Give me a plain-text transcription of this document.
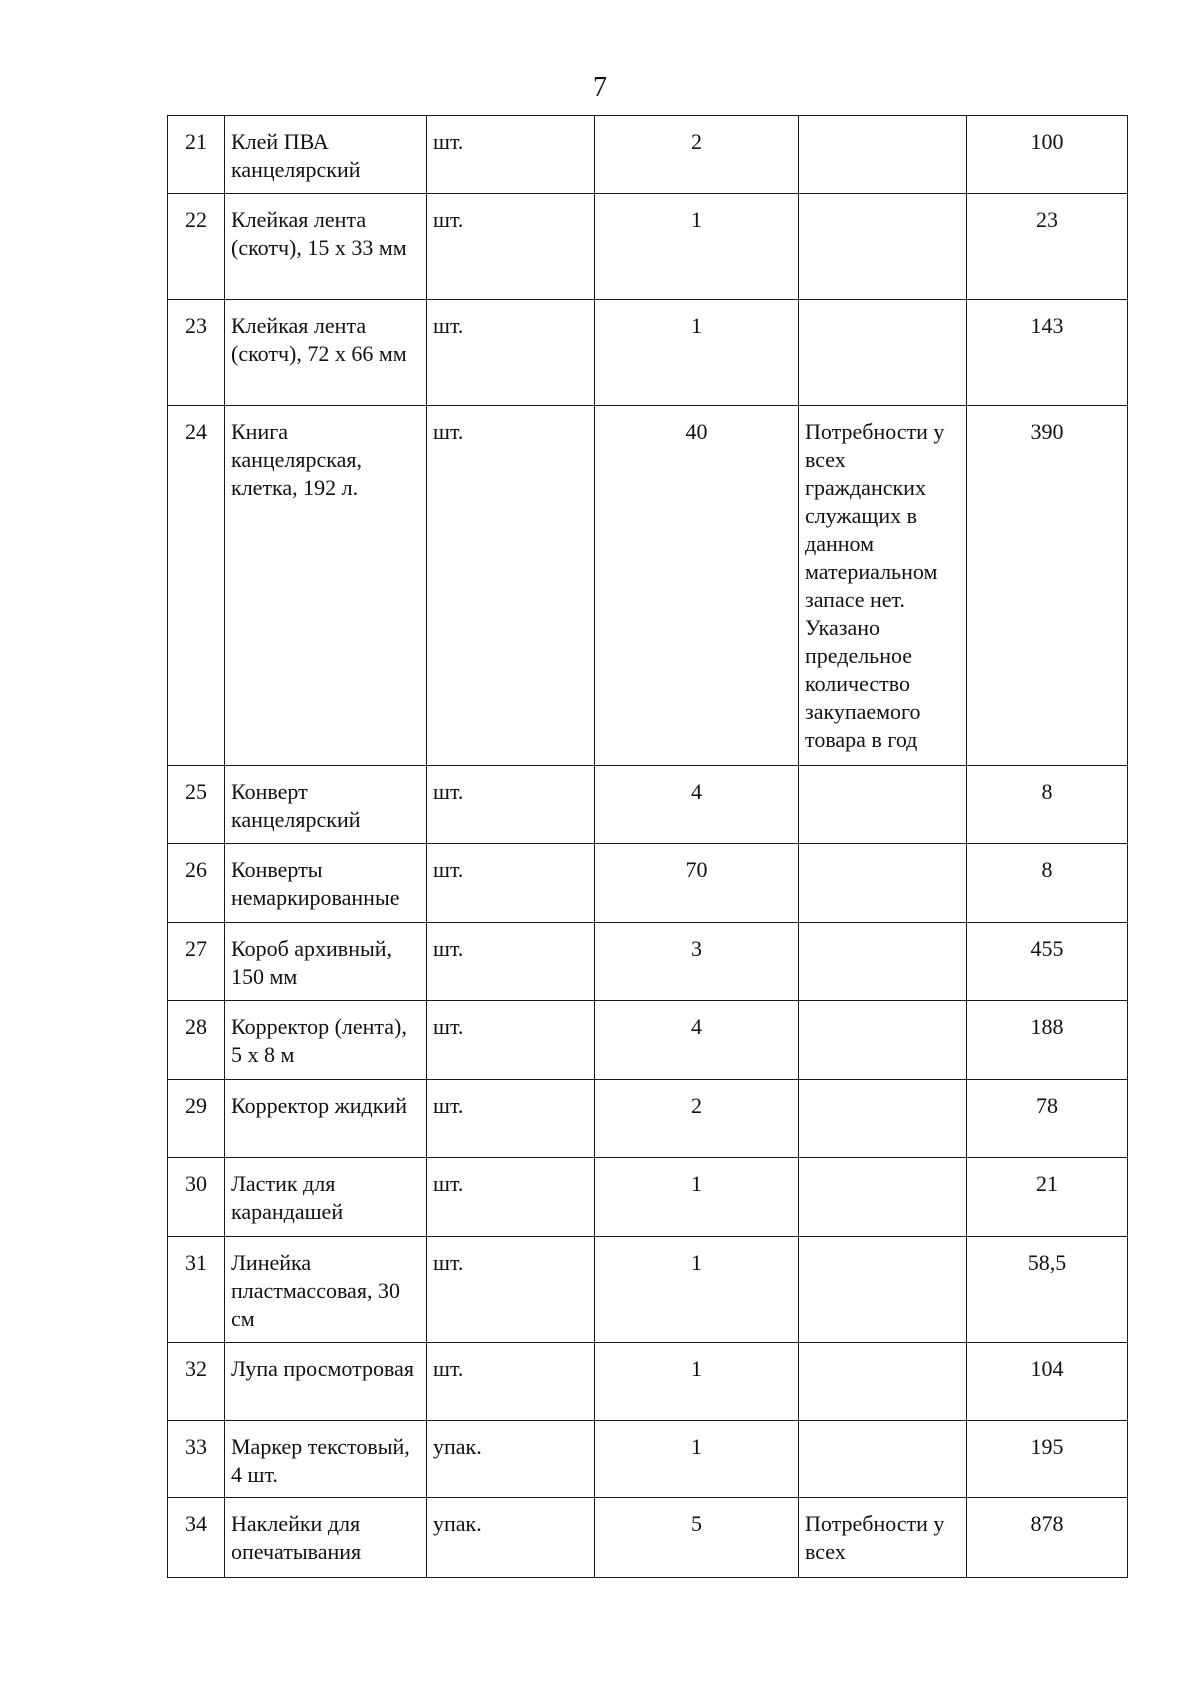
7
21	Клей ПВА канцелярский	шт.	2		100
22	Клейкая лента (скотч), 15 х 33 мм	шт.	1		23
23	Клейкая лента (скотч), 72 х 66 мм	шт.	1		143
24	Книга канцелярская, клетка, 192 л.	шт.	40	Потребности у всех гражданских служащих в данном материальном запасе нет. Указано предельное количество закупаемого товара в год	390
25	Конверт канцелярский	шт.	4		8
26	Конверты немаркированные	шт.	70		8
27	Короб архивный, 150 мм	шт.	3		455
28	Корректор (лента), 5 х 8 м	шт.	4		188
29	Корректор жидкий	шт.	2		78
30	Ластик для карандашей	шт.	1		21
31	Линейка пластмассовая, 30 см	шт.	1		58,5
32	Лупа просмотровая	шт.	1		104
33	Маркер текстовый, 4 шт.	упак.	1		195
34	Наклейки для опечатывания	упак.	5	Потребности у всех	878
